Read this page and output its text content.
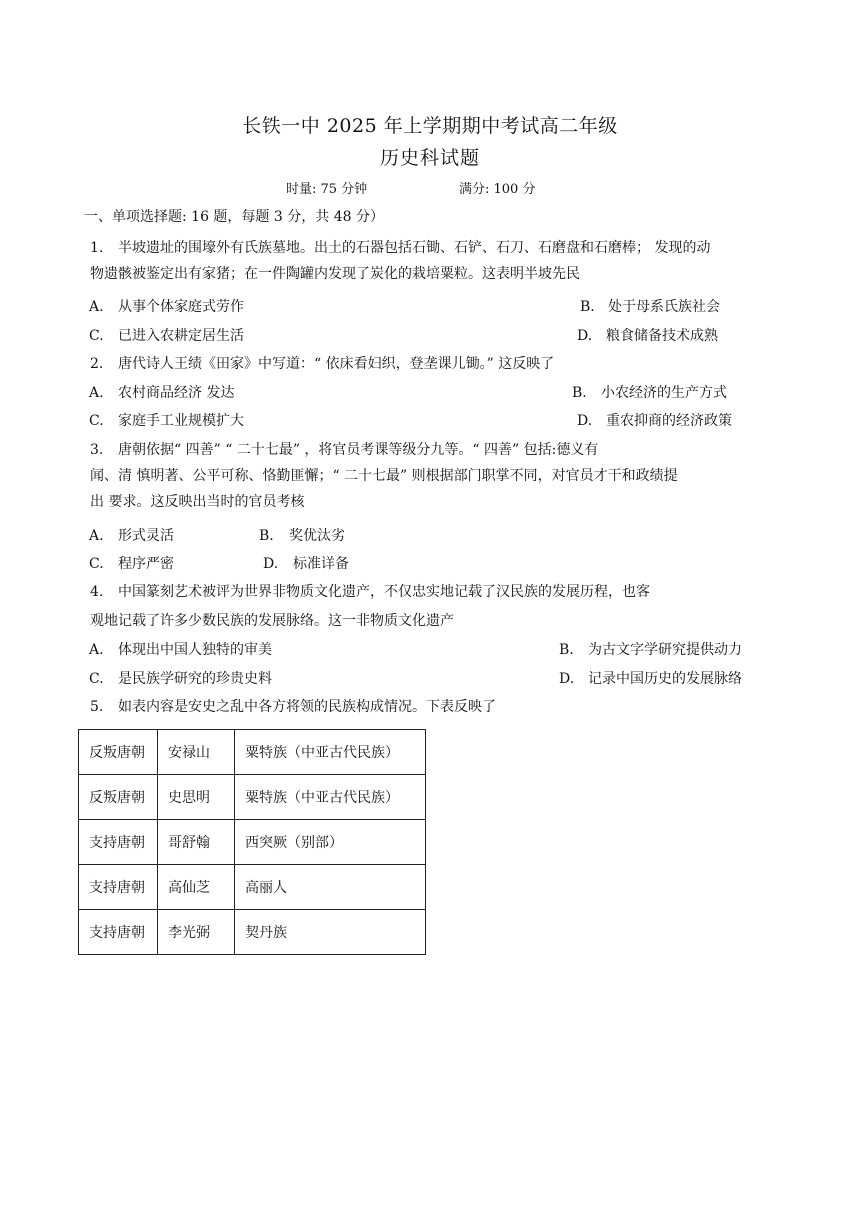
长铁一中 2025 年上学期期中考试高二年级
历史科试题
时量: 75 分钟	满分: 100 分
一、单项选择题: 16 题，每题 3 分，共 48 分）
1. 半坡遗址的围壕外有氏族墓地。出土的石器包括石锄、石铲、石刀、石磨盘和石磨棒； 发现的动
物遗骸被鉴定出有家猪；在一件陶罐内发现了炭化的栽培粟粒。这表明半坡先民
A. 从事个体家庭式劳作	B. 处于母系氏族社会
C. 已进入农耕定居生活	D. 粮食储备技术成熟
2. 唐代诗人王绩《田家》中写道：“ 依床看妇织，登垄课儿锄。” 这反映了
A. 农村商品经济 发达	B. 小农经济的生产方式
C. 家庭手工业规模扩大	D. 重农抑商的经济政策
3. 唐朝依据“ 四善” “ 二十七最” ，将官员考课等级分九等。“ 四善” 包括:德义有
闻、清 慎明著、公平可称、恪勤匪懈；“ 二十七最” 则根据部门职掌不同，对官员才干和政绩提
出 要求。这反映出当时的官员考核
A. 形式灵活	B. 奖优汰劣
C. 程序严密	D. 标准详备
4. 中国篆刻艺术被评为世界非物质文化遗产，不仅忠实地记载了汉民族的发展历程，也客
观地记载了许多少数民族的发展脉络。这一非物质文化遗产
A. 体现出中国人独特的审美	B. 为古文字学研究提供动力
C. 是民族学研究的珍贵史料	D. 记录中国历史的发展脉络
5. 如表内容是安史之乱中各方将领的民族构成情况。下表反映了
反叛唐朝	安禄山	粟特族（中亚古代民族）
反叛唐朝	史思明	粟特族（中亚古代民族）
支持唐朝	哥舒翰	西突厥（别部）
支持唐朝	高仙芝	高丽人
支持唐朝	李光弼	契丹族
